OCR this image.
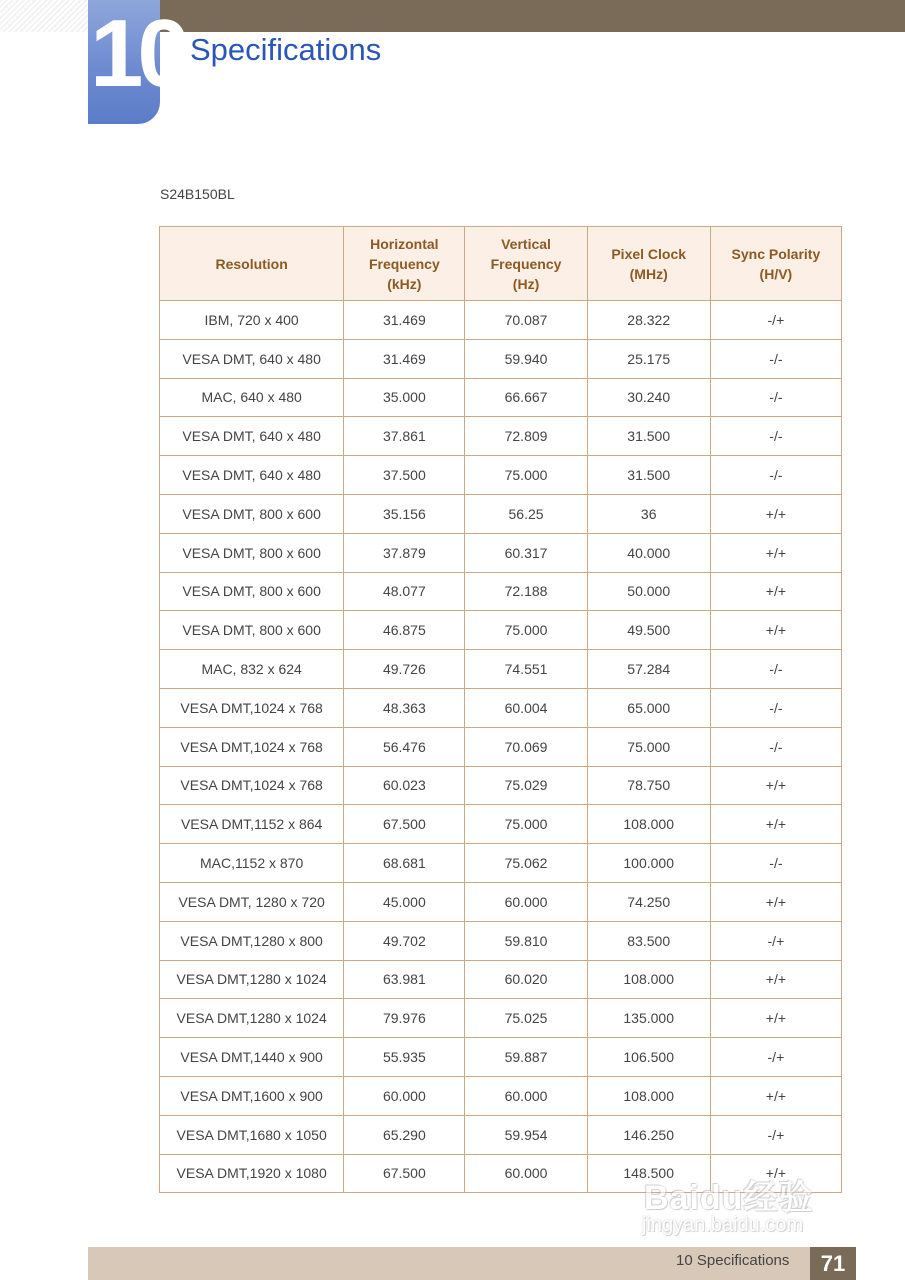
10 Specifications
S24B150BL
Resolution	Horizontal
Frequency
(kHz)	Vertical
Frequency
(Hz)	Pixel Clock
(MHz)	Sync Polarity
(H/V)
IBM, 720 x 400	31.469	70.087	28.322	-/+
VESA DMT, 640 x 480	31.469	59.940	25.175	-/-
MAC, 640 x 480	35.000	66.667	30.240	-/-
VESA DMT, 640 x 480	37.861	72.809	31.500	-/-
VESA DMT, 640 x 480	37.500	75.000	31.500	-/-
VESA DMT, 800 x 600	35.156	56.25	36	+/+
VESA DMT, 800 x 600	37.879	60.317	40.000	+/+
VESA DMT, 800 x 600	48.077	72.188	50.000	+/+
VESA DMT, 800 x 600	46.875	75.000	49.500	+/+
MAC, 832 x 624	49.726	74.551	57.284	-/-
VESA DMT,1024 x 768	48.363	60.004	65.000	-/-
VESA DMT,1024 x 768	56.476	70.069	75.000	-/-
VESA DMT,1024 x 768	60.023	75.029	78.750	+/+
VESA DMT,1152 x 864	67.500	75.000	108.000	+/+
MAC,1152 x 870	68.681	75.062	100.000	-/-
VESA DMT, 1280 x 720	45.000	60.000	74.250	+/+
VESA DMT,1280 x 800	49.702	59.810	83.500	-/+
VESA DMT,1280 x 1024	63.981	60.020	108.000	+/+
VESA DMT,1280 x 1024	79.976	75.025	135.000	+/+
VESA DMT,1440 x 900	55.935	59.887	106.500	-/+
VESA DMT,1600 x 900	60.000	60.000	108.000	+/+
VESA DMT,1680 x 1050	65.290	59.954	146.250	-/+
VESA DMT,1920 x 1080	67.500	60.000	148.500	+/+
10 Specifications	71
Baidu经验
jingyan.baidu.com
